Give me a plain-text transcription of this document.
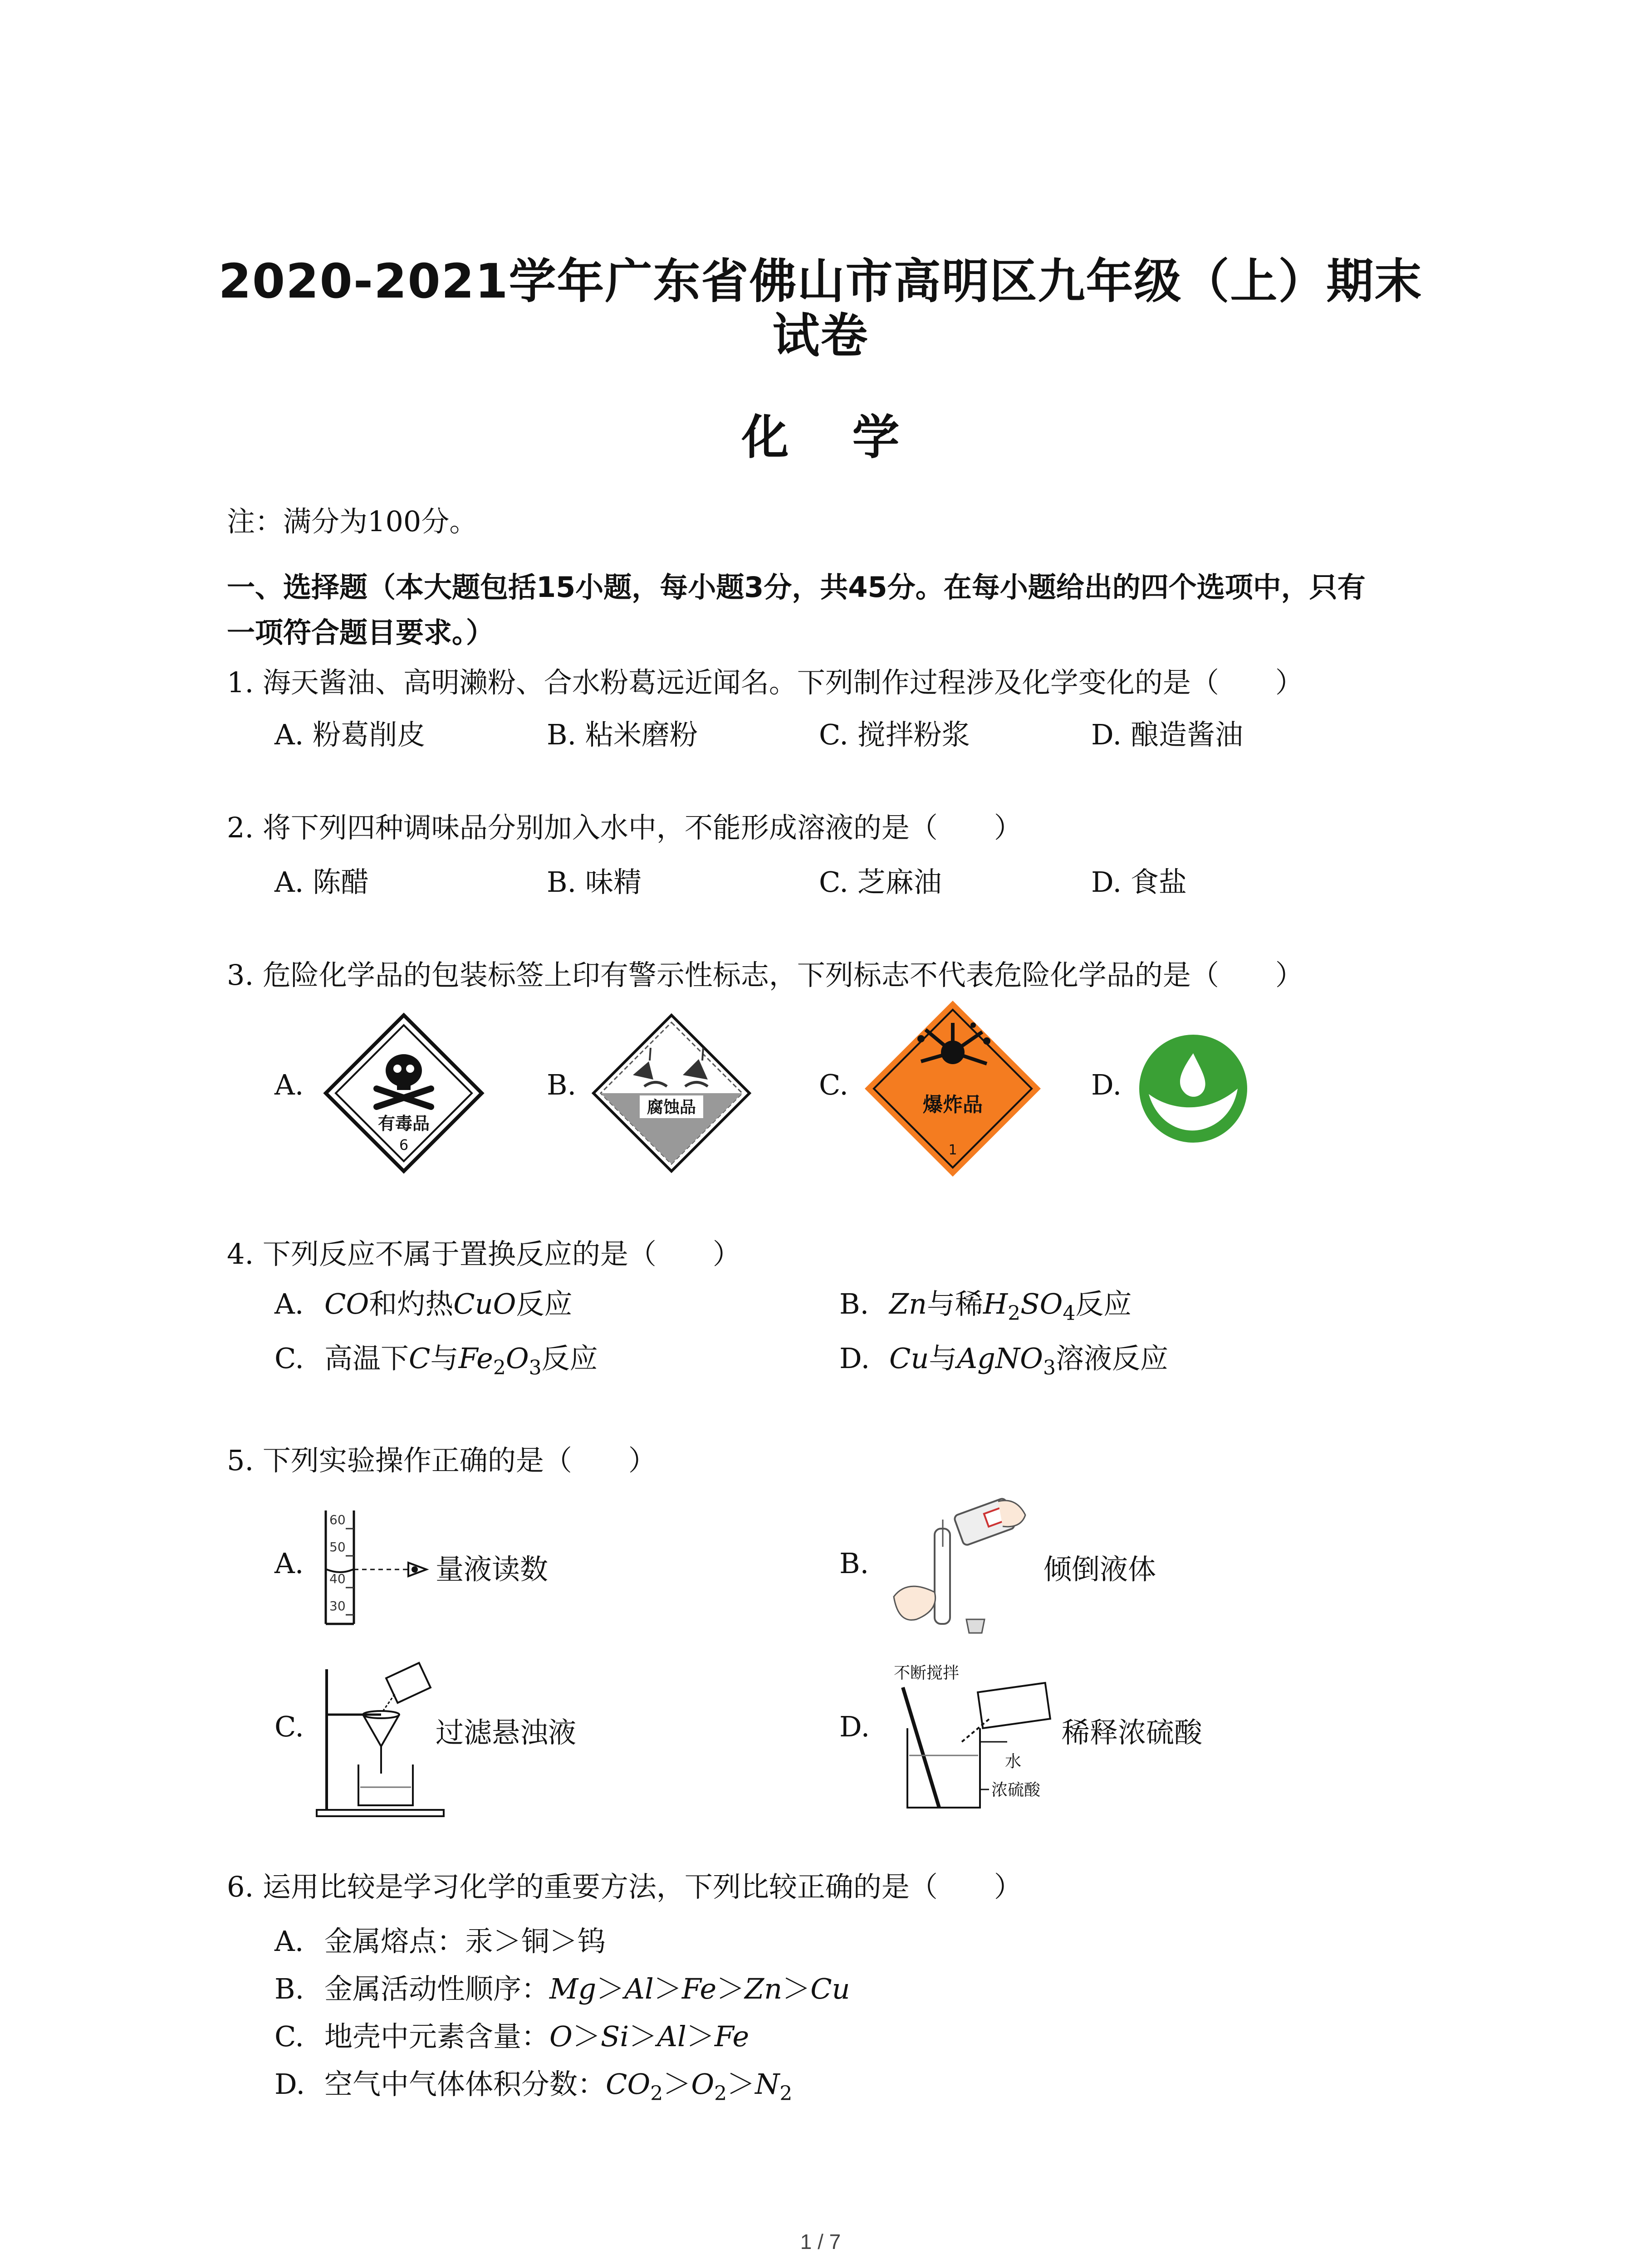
2020-2021学年广东省佛山市高明区九年级（上）期末
试卷
化 学
注：满分为100分。
一、选择题（本大题包括15小题，每小题3分，共45分。在每小题给出的四个选项中，只有
一项符合题目要求。）
1. 海天酱油、高明濑粉、合水粉葛远近闻名。下列制作过程涉及化学变化的是（　　）
A. 粉葛削皮	B. 粘米磨粉	C. 搅拌粉浆	D. 酿造酱油
2. 将下列四种调味品分别加入水中，不能形成溶液的是（　　）
A. 陈醋	B. 味精	C. 芝麻油	D. 食盐
3. 危险化学品的包装标签上印有警示性标志，下列标志不代表危险化学品的是（　　）
A.	B.	C.	D.
有毒品
6
腐蚀品	爆炸品
1
4. 下列反应不属于置换反应的是（　　）
A. CO和灼热CuO反应	B. Zn与稀$H_2SO_4$反应
C. 高温下C与$Fe_2O_3$反应	D. Cu与AgNO$_3$溶液反应
5. 下列实验操作正确的是（　　）
A.
60
50
40
30
量液读数	B.	倾倒液体
C.	过滤悬浊液	D.
不断搅拌
水
浓硫酸
稀释浓硫酸
6. 运用比较是学习化学的重要方法，下列比较正确的是（　　）
A. 金属熔点：汞＞铜＞钨
B. 金属活动性顺序：Mg＞Al＞Fe＞Zn＞Cu
C. 地壳中元素含量：O＞Si＞Al＞Fe
D. 空气中气体体积分数：$CO_2>O_2>N_2$
1 / 7
